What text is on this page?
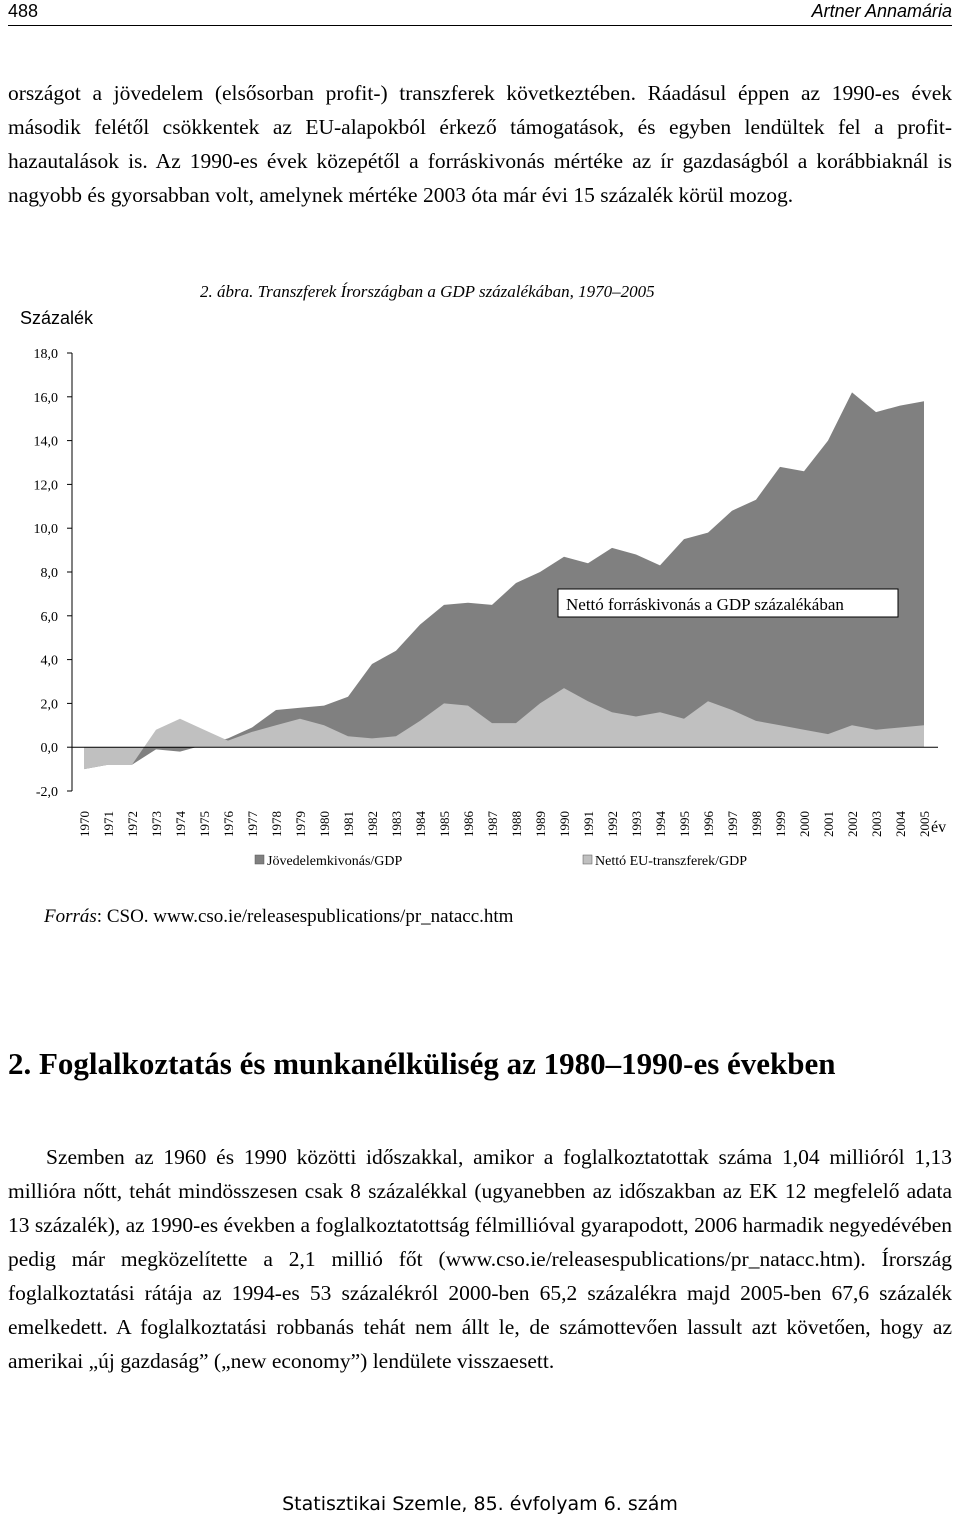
488	Artner Annamária

országot a jövedelem (elsősorban profit-) transzferek következtében. Ráadásul éppen az 1990-es évek második felétől csökkentek az EU-alapokból érkező támogatások, és egyben lendültek fel a profit-hazautalások is. Az 1990-es évek közepétől a forráskivonás mértéke az ír gazdaságból a korábbiaknál is nagyobb és gyorsabban volt, amelynek mértéke 2003 óta már évi 15 százalék körül mozog.

2. ábra. Transzferek Írországban a GDP százalékában, 1970–2005
Százalék
18,0
16,0
14,0
12,0
10,0
8,0
6,0
4,0
2,0
0,0
-2,0
1970 1971 1972 1973 1974 1975 1976 1977 1978 1979 1980 1981 1982 1983 1984 1985 1986 1987 1988 1989 1990 1991 1992 1993 1994 1995 1996 1997 1998 1999 2000 2001 2002 2003 2004 2005 év
Nettó forráskivonás a GDP százalékában
Jövedelemkivonás/GDP	Nettó EU-transzferek/GDP
Forrás: CSO. www.cso.ie/releasespublications/pr_natacc.htm
2. Foglalkoztatás és munkanélküliség az 1980–1990-es években

Szemben az 1960 és 1990 közötti időszakkal, amikor a foglalkoztatottak száma 1,04 millióról 1,13 millióra nőtt, tehát mindösszesen csak 8 százalékkal (ugyanebben az időszakban az EK 12 megfelelő adata 13 százalék), az 1990-es években a foglalkoztatottság félmillióval gyarapodott, 2006 harmadik negyedévében pedig már megközelítette a 2,1 millió főt (www.cso.ie/releasespublications/pr_natacc.htm). Írország foglalkoztatási rátája az 1994-es 53 százalékról 2000-ben 65,2 százalékra majd 2005-ben 67,6 százalék emelkedett. A foglalkoztatási robbanás tehát nem állt le, de számottevően lassult azt követően, hogy az amerikai „új gazdaság” („new economy”) lendülete visszaesett.

Statisztikai Szemle, 85. évfolyam 6. szám
